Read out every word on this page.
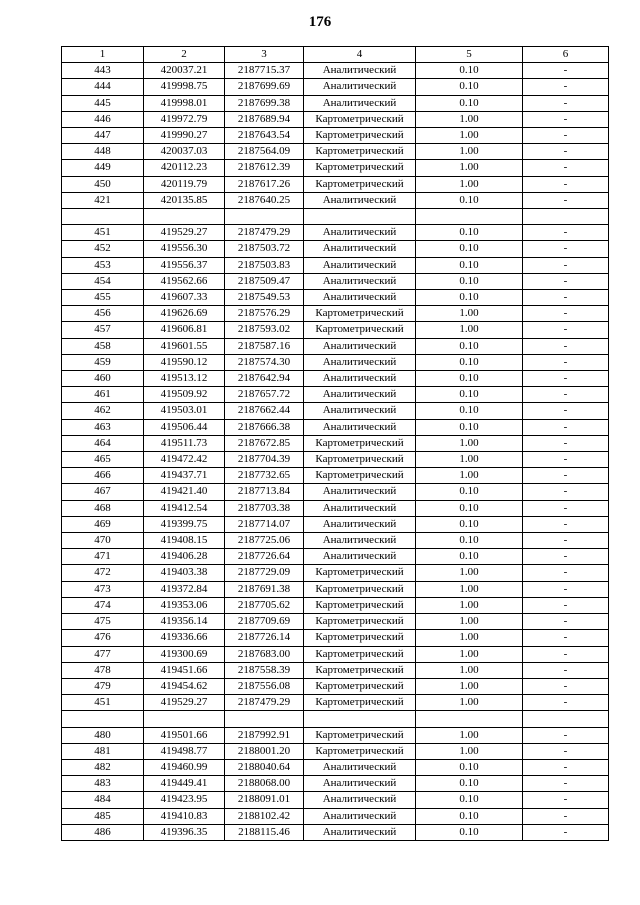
176
1	2	3	4	5	6
443	420037.21	2187715.37	Аналитический	0.10	-
444	419998.75	2187699.69	Аналитический	0.10	-
445	419998.01	2187699.38	Аналитический	0.10	-
446	419972.79	2187689.94	Картометрический	1.00	-
447	419990.27	2187643.54	Картометрический	1.00	-
448	420037.03	2187564.09	Картометрический	1.00	-
449	420112.23	2187612.39	Картометрический	1.00	-
450	420119.79	2187617.26	Картометрический	1.00	-
421	420135.85	2187640.25	Аналитический	0.10	-

451	419529.27	2187479.29	Аналитический	0.10	-
452	419556.30	2187503.72	Аналитический	0.10	-
453	419556.37	2187503.83	Аналитический	0.10	-
454	419562.66	2187509.47	Аналитический	0.10	-
455	419607.33	2187549.53	Аналитический	0.10	-
456	419626.69	2187576.29	Картометрический	1.00	-
457	419606.81	2187593.02	Картометрический	1.00	-
458	419601.55	2187587.16	Аналитический	0.10	-
459	419590.12	2187574.30	Аналитический	0.10	-
460	419513.12	2187642.94	Аналитический	0.10	-
461	419509.92	2187657.72	Аналитический	0.10	-
462	419503.01	2187662.44	Аналитический	0.10	-
463	419506.44	2187666.38	Аналитический	0.10	-
464	419511.73	2187672.85	Картометрический	1.00	-
465	419472.42	2187704.39	Картометрический	1.00	-
466	419437.71	2187732.65	Картометрический	1.00	-
467	419421.40	2187713.84	Аналитический	0.10	-
468	419412.54	2187703.38	Аналитический	0.10	-
469	419399.75	2187714.07	Аналитический	0.10	-
470	419408.15	2187725.06	Аналитический	0.10	-
471	419406.28	2187726.64	Аналитический	0.10	-
472	419403.38	2187729.09	Картометрический	1.00	-
473	419372.84	2187691.38	Картометрический	1.00	-
474	419353.06	2187705.62	Картометрический	1.00	-
475	419356.14	2187709.69	Картометрический	1.00	-
476	419336.66	2187726.14	Картометрический	1.00	-
477	419300.69	2187683.00	Картометрический	1.00	-
478	419451.66	2187558.39	Картометрический	1.00	-
479	419454.62	2187556.08	Картометрический	1.00	-
451	419529.27	2187479.29	Картометрический	1.00	-

480	419501.66	2187992.91	Картометрический	1.00	-
481	419498.77	2188001.20	Картометрический	1.00	-
482	419460.99	2188040.64	Аналитический	0.10	-
483	419449.41	2188068.00	Аналитический	0.10	-
484	419423.95	2188091.01	Аналитический	0.10	-
485	419410.83	2188102.42	Аналитический	0.10	-
486	419396.35	2188115.46	Аналитический	0.10	-
